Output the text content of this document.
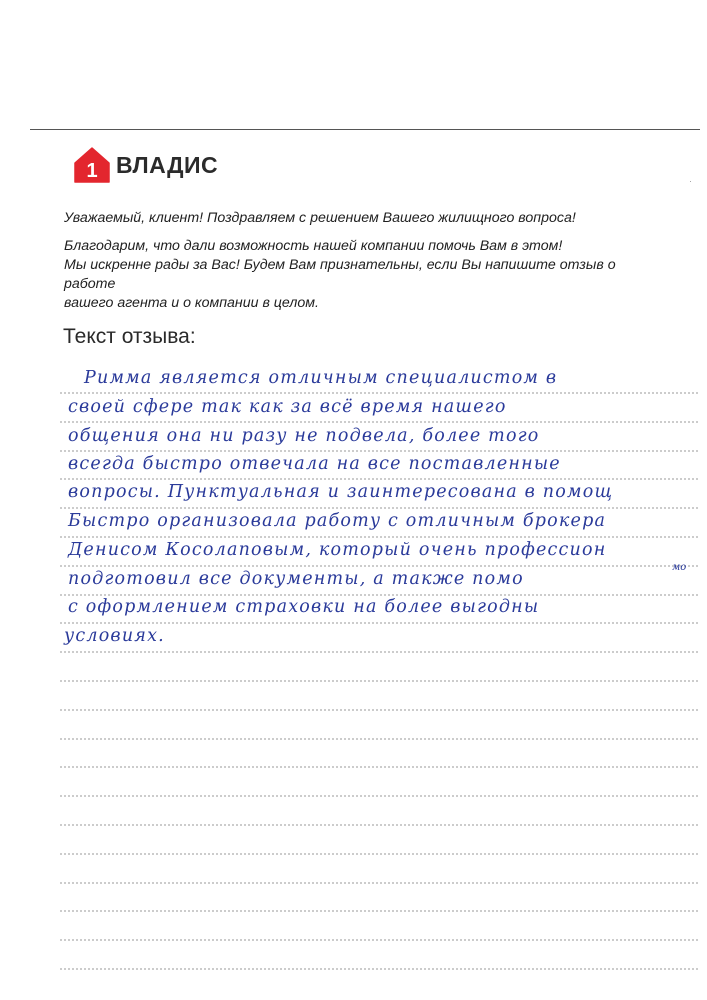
1 ВЛАДИС
·

Уважаемый, клиент! Поздравляем с решением Вашего жилищного вопроса!

Благодарим, что дали возможность нашей компании помочь Вам в этом!

Мы искренне рады за Вас! Будем Вам признательны, если Вы напишите отзыв о работе

вашего агента и о компании в целом.

Текст отзыва:
Римма является отличным специалистом в
своей сфере так как за всё время нашего
общения она ни разу не подвела, более того
всегда быстро отвечала на все поставленные
вопросы. Пунктуальная и заинтересована в помощ
Быстро организовала работу с отличным брокера
Денисом Косолаповым, который очень профессион
мо
подготовил все документы, а также помо
с оформлением страховки на более выгодны
условиях.
